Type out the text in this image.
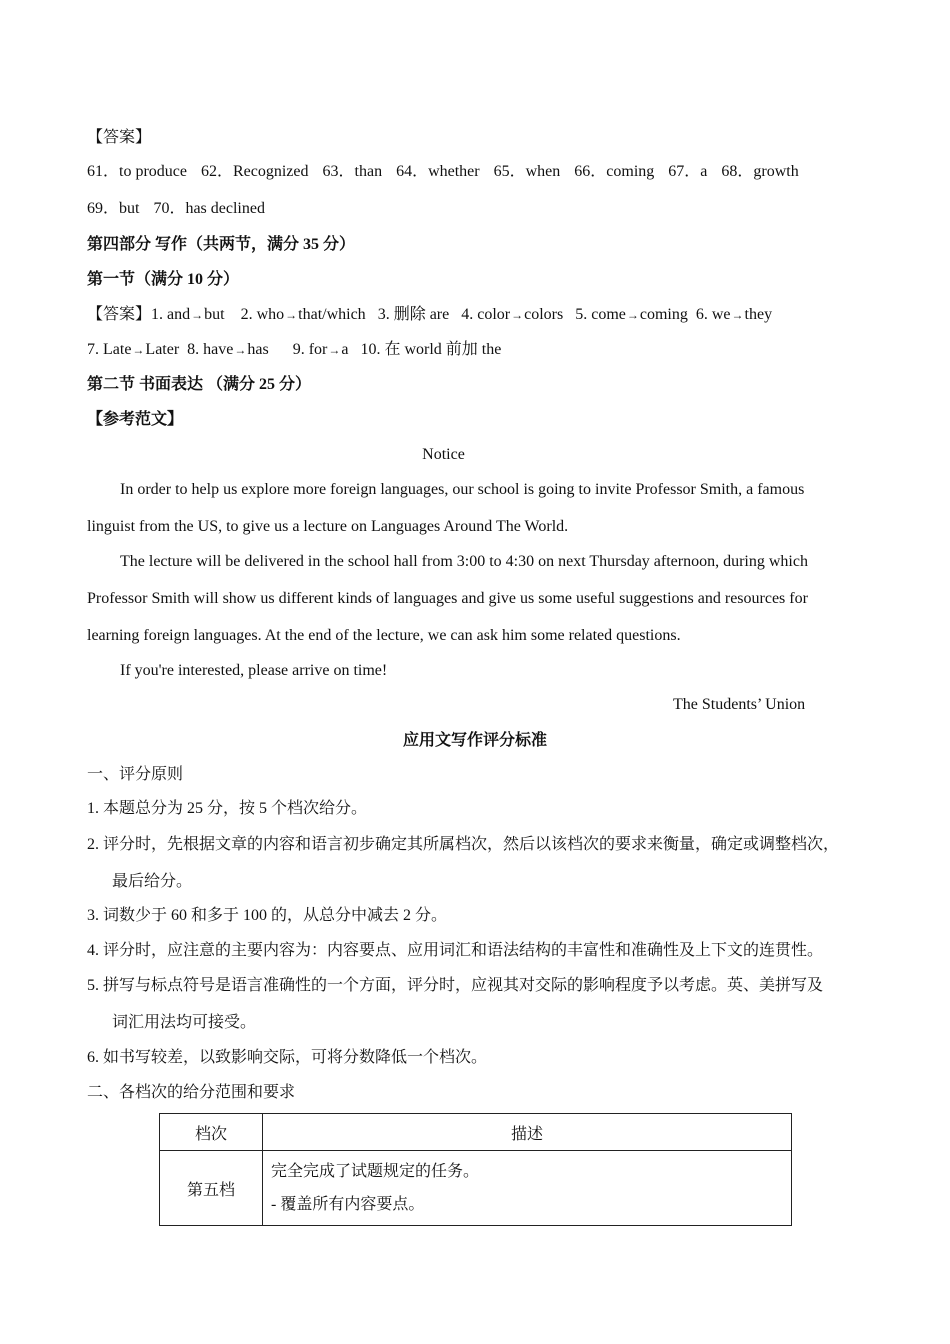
【答案】
61．to produce 62．Recognized 63．than 64．whether 65．when 66．coming 67．a 68．growth
69．but 70．has declined
第四部分 写作（共两节，满分 35 分）
第一节（满分 10 分）
【答案】1. and→but 2. who→that/which 3. 删除 are 4. color→colors 5. come→coming 6. we→they
7. Late→Later 8. have→has 9. for→a 10. 在 world 前加 the
第二节 书面表达 （满分 25 分）
【参考范文】
Notice
In order to help us explore more foreign languages, our school is going to invite Professor Smith, a famous
linguist from the US, to give us a lecture on Languages Around The World.
The lecture will be delivered in the school hall from 3:00 to 4:30 on next Thursday afternoon, during which
Professor Smith will show us different kinds of languages and give us some useful suggestions and resources for
learning foreign languages. At the end of the lecture, we can ask him some related questions.
If you're interested, please arrive on time!
The Students’ Union
应用文写作评分标准
一、评分原则
1. 本题总分为 25 分，按 5 个档次给分。
2. 评分时，先根据文章的内容和语言初步确定其所属档次，然后以该档次的要求来衡量，确定或调整档次，
最后给分。
3. 词数少于 60 和多于 100 的，从总分中减去 2 分。
4. 评分时，应注意的主要内容为：内容要点、应用词汇和语法结构的丰富性和准确性及上下文的连贯性。
5. 拼写与标点符号是语言准确性的一个方面，评分时，应视其对交际的影响程度予以考虑。英、美拼写及
词汇用法均可接受。
6. 如书写较差，以致影响交际，可将分数降低一个档次。
二、各档次的给分范围和要求
档次	描述
第五档	完全完成了试题规定的任务。
- 覆盖所有内容要点。
